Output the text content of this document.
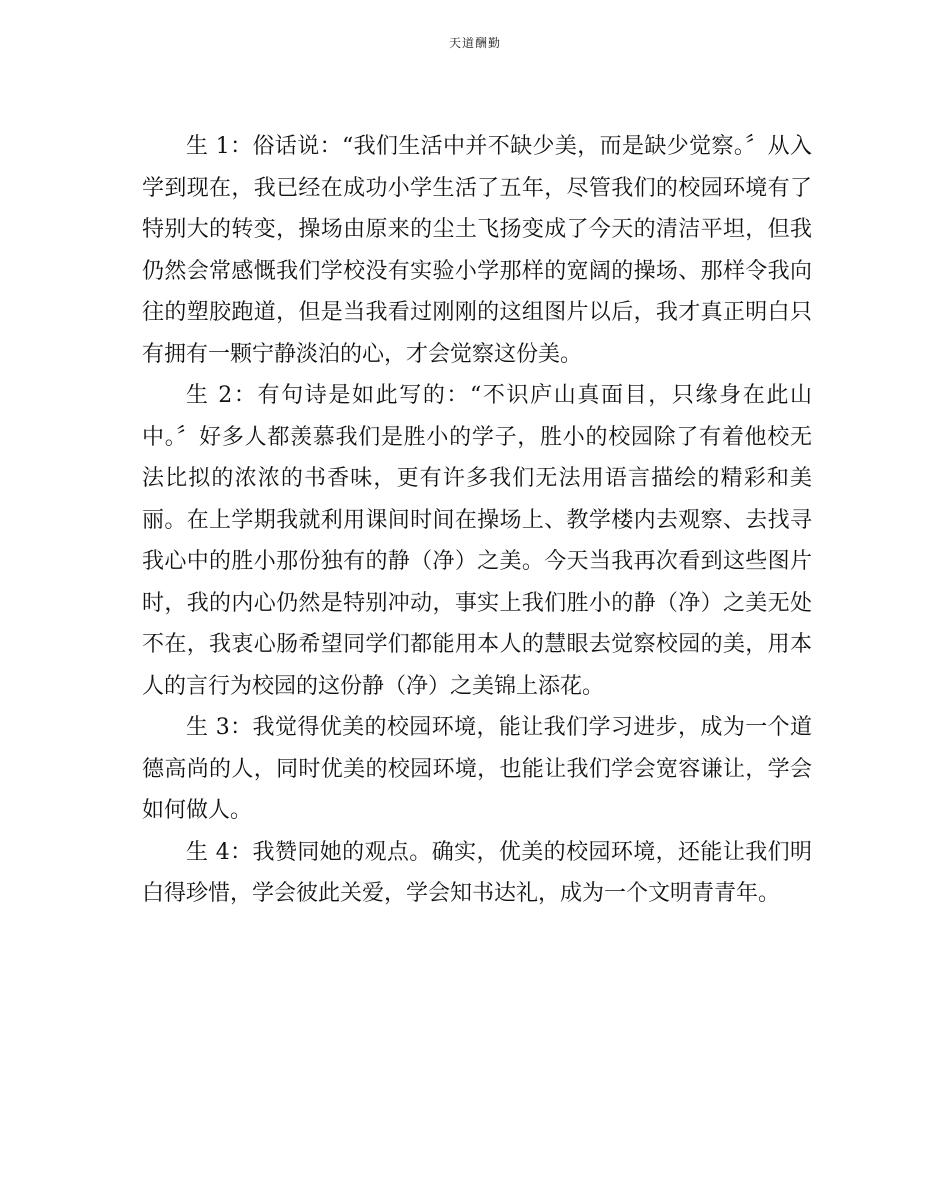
天道酬勤

生 1：俗话说：“我们生活中并不缺少美，而是缺少觉察。〞从入学到现在，我已经在成功小学生活了五年，尽管我们的校园环境有了特别大的转变，操场由原来的尘土飞扬变成了今天的清洁平坦，但我仍然会常感慨我们学校没有实验小学那样的宽阔的操场、那样令我向往的塑胶跑道，但是当我看过刚刚的这组图片以后，我才真正明白只有拥有一颗宁静淡泊的心，才会觉察这份美。

生 2：有句诗是如此写的：“不识庐山真面目，只缘身在此山中。〞好多人都羡慕我们是胜小的学子，胜小的校园除了有着他校无法比拟的浓浓的书香味，更有许多我们无法用语言描绘的精彩和美丽。在上学期我就利用课间时间在操场上、教学楼内去观察、去找寻我心中的胜小那份独有的静（净）之美。今天当我再次看到这些图片时，我的内心仍然是特别冲动，事实上我们胜小的静（净）之美无处不在，我衷心肠希望同学们都能用本人的慧眼去觉察校园的美，用本人的言行为校园的这份静（净）之美锦上添花。

生 3：我觉得优美的校园环境，能让我们学习进步，成为一个道德高尚的人，同时优美的校园环境，也能让我们学会宽容谦让，学会如何做人。

生 4：我赞同她的观点。确实，优美的校园环境，还能让我们明白得珍惜，学会彼此关爱，学会知书达礼，成为一个文明青青年。
